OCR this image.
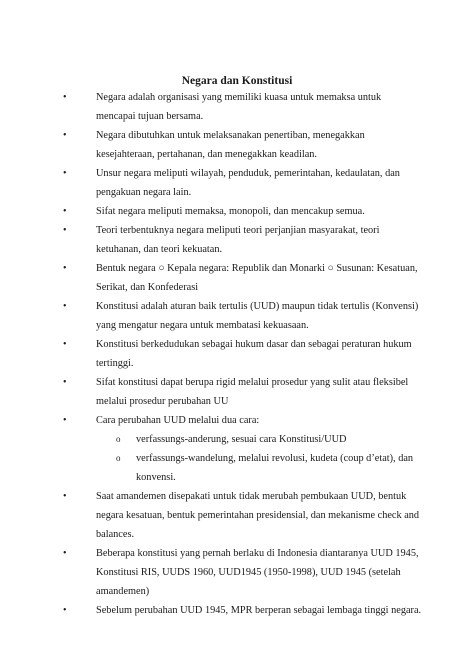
Negara dan Konstitusi
•	Negara adalah organisasi yang memiliki kuasa untuk memaksa untuk mencapai tujuan bersama.
•	Negara dibutuhkan untuk melaksanakan penertiban, menegakkan kesejahteraan, pertahanan, dan menegakkan keadilan.
•	Unsur negara meliputi wilayah, penduduk, pemerintahan, kedaulatan, dan pengakuan negara lain.
•	Sifat negara meliputi memaksa, monopoli, dan mencakup semua.
•	Teori terbentuknya negara meliputi teori perjanjian masyarakat, teori ketuhanan, dan teori kekuatan.
•	Bentuk negara ○ Kepala negara: Republik dan Monarki ○ Susunan: Kesatuan, Serikat, dan Konfederasi
•	Konstitusi adalah aturan baik tertulis (UUD) maupun tidak tertulis (Konvensi) yang mengatur negara untuk membatasi kekuasaan.
•	Konstitusi berkedudukan sebagai hukum dasar dan sebagai peraturan hukum tertinggi.
•	Sifat konstitusi dapat berupa rigid melalui prosedur yang sulit atau fleksibel melalui prosedur perubahan UU
•	Cara perubahan UUD melalui dua cara:
o verfassungs-anderung, sesuai cara Konstitusi/UUD
o verfassungs-wandelung, melalui revolusi, kudeta (coup d’etat), dan konvensi.
•	Saat amandemen disepakati untuk tidak merubah pembukaan UUD, bentuk negara kesatuan, bentuk pemerintahan presidensial, dan mekanisme check and balances.
•	Beberapa konstitusi yang pernah berlaku di Indonesia diantaranya UUD 1945, Konstitusi RIS, UUDS 1960, UUD1945 (1950-1998), UUD 1945 (setelah amandemen)
•	Sebelum perubahan UUD 1945, MPR berperan sebagai lembaga tinggi negara.
